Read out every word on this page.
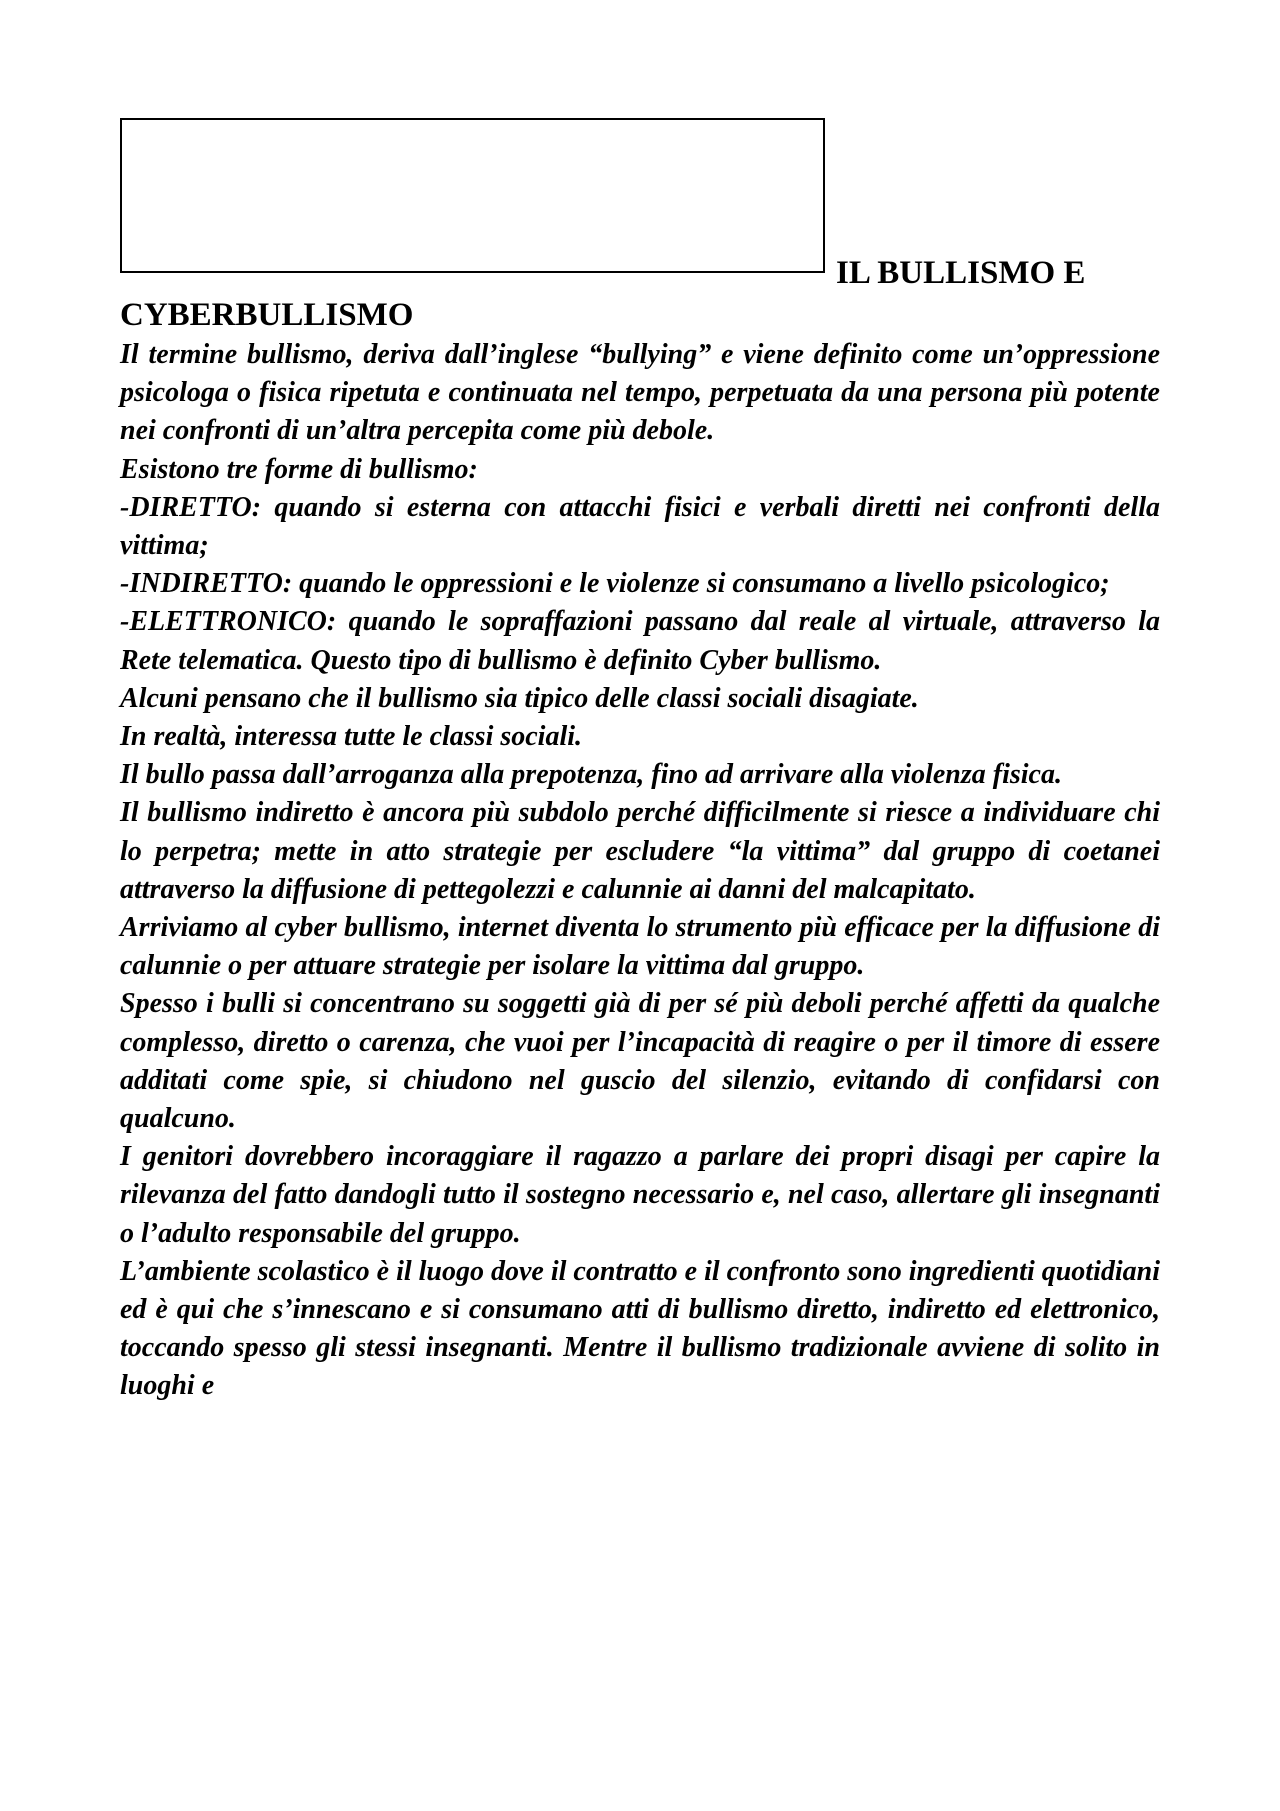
IL BULLISMO E
CYBERBULLISMO

Il termine bullismo, deriva dall’inglese “bullying” e viene definito come un’oppressione psicologa o fisica ripetuta e continuata nel tempo, perpetuata da una persona più potente nei confronti di un’altra percepita come più debole.

Esistono tre forme di bullismo:

-DIRETTO: quando si esterna con attacchi fisici e verbali diretti nei confronti della vittima;

-INDIRETTO: quando le oppressioni e le violenze si consumano a livello psicologico;

-ELETTRONICO: quando le sopraffazioni passano dal reale al virtuale, attraverso la Rete telematica. Questo tipo di bullismo è definito Cyber bullismo.

Alcuni pensano che il bullismo sia tipico delle classi sociali disagiate.

In realtà, interessa tutte le classi sociali.

Il bullo passa dall’arroganza alla prepotenza, fino ad arrivare alla violenza fisica.

Il bullismo indiretto è ancora più subdolo perché difficilmente si riesce a individuare chi lo perpetra; mette in atto strategie per escludere “la vittima” dal gruppo di coetanei attraverso la diffusione di pettegolezzi e calunnie ai danni del malcapitato.

Arriviamo al cyber bullismo, internet diventa lo strumento più efficace per la diffusione di calunnie o per attuare strategie per isolare la vittima dal gruppo.

Spesso i bulli si concentrano su soggetti già di per sé più deboli perché affetti da qualche complesso, diretto o carenza, che vuoi per l’incapacità di reagire o per il timore di essere additati come spie, si chiudono nel guscio del silenzio, evitando di confidarsi con qualcuno.

I genitori dovrebbero incoraggiare il ragazzo a parlare dei propri disagi per capire la rilevanza del fatto dandogli tutto il sostegno necessario e, nel caso, allertare gli insegnanti o l’adulto responsabile del gruppo.

L’ambiente scolastico è il luogo dove il contratto e il confronto sono ingredienti quotidiani ed è qui che s’innescano e si consumano atti di bullismo diretto, indiretto ed elettronico, toccando spesso gli stessi insegnanti. Mentre il bullismo tradizionale avviene di solito in luoghi e
